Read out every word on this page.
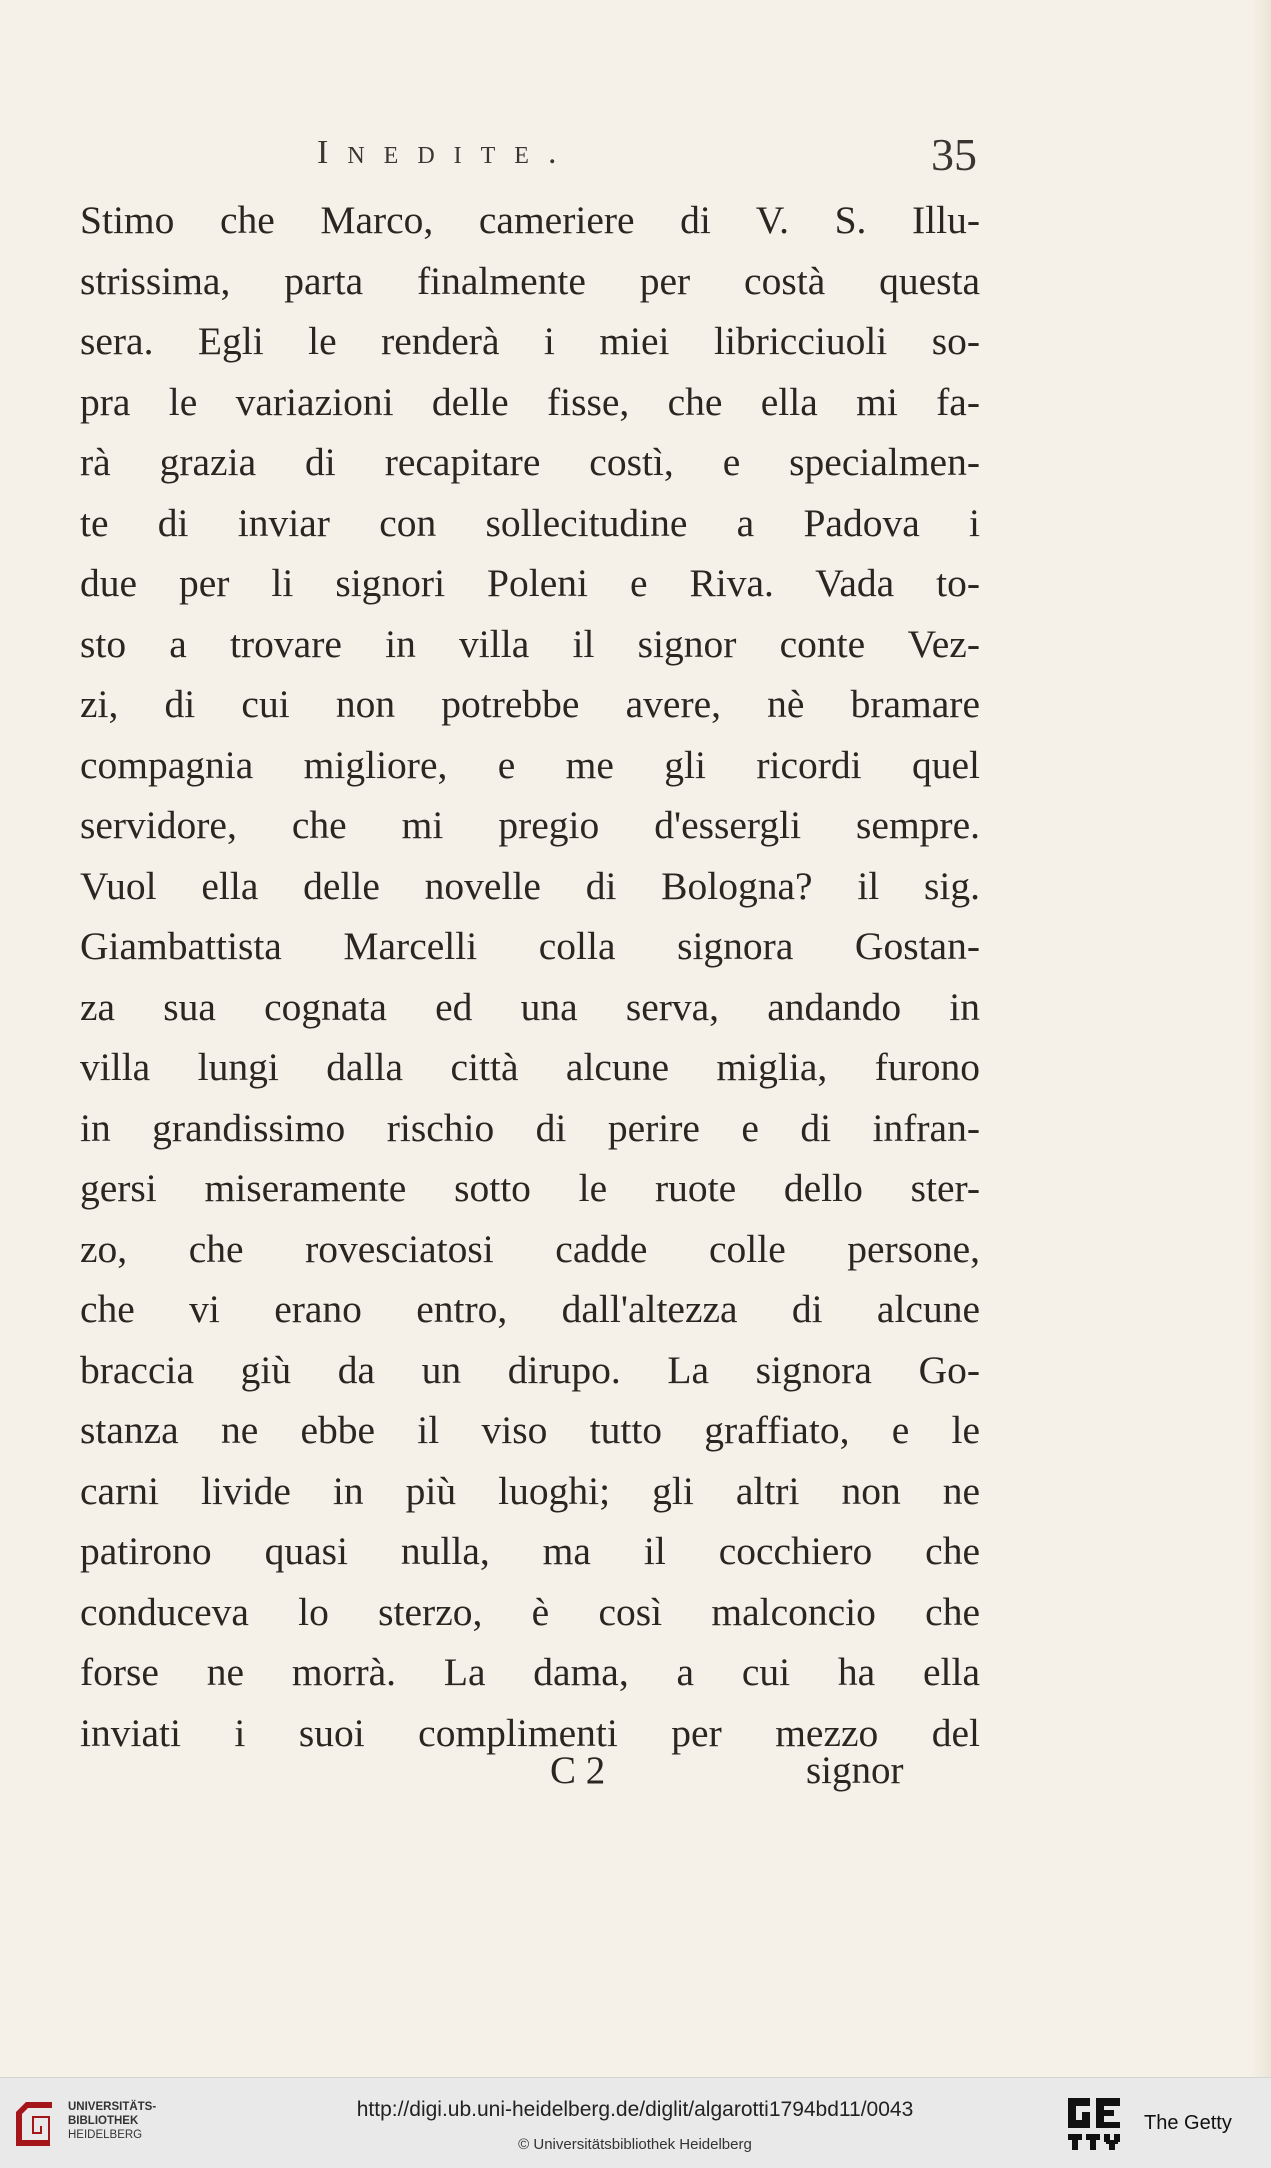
Inedite.	35
Stimo che Marco, cameriere di V. S. Illu-
strissima, parta finalmente per costà questa
sera. Egli le renderà i miei libricciuoli so-
pra le variazioni delle fisse, che ella mi fa-
rà grazia di recapitare costì, e specialmen-
te di inviar con sollecitudine a Padova i
due per li signori Poleni e Riva. Vada to-
sto a trovare in villa il signor conte Vez-
zi, di cui non potrebbe avere, nè bramare
compagnia migliore, e me gli ricordi quel
servidore, che mi pregio d'essergli sempre.
Vuol ella delle novelle di Bologna? il sig.
Giambattista Marcelli colla signora Gostan-
za sua cognata ed una serva, andando in
villa lungi dalla città alcune miglia, furono
in grandissimo rischio di perire e di infran-
gersi miseramente sotto le ruote dello ster-
zo, che rovesciatosi cadde colle persone,
che vi erano entro, dall'altezza di alcune
braccia giù da un dirupo. La signora Go-
stanza ne ebbe il viso tutto graffiato, e le
carni livide in più luoghi; gli altri non ne
patirono quasi nulla, ma il cocchiero che
conduceva lo sterzo, è così malconcio che
forse ne morrà. La dama, a cui ha ella
inviati i suoi complimenti per mezzo del
C 2	signor
UNIVERSITÄTS-
BIBLIOTHEK
HEIDELBERG
http://digi.ub.uni-heidelberg.de/diglit/algarotti1794bd11/0043
© Universitätsbibliothek Heidelberg
The Getty
